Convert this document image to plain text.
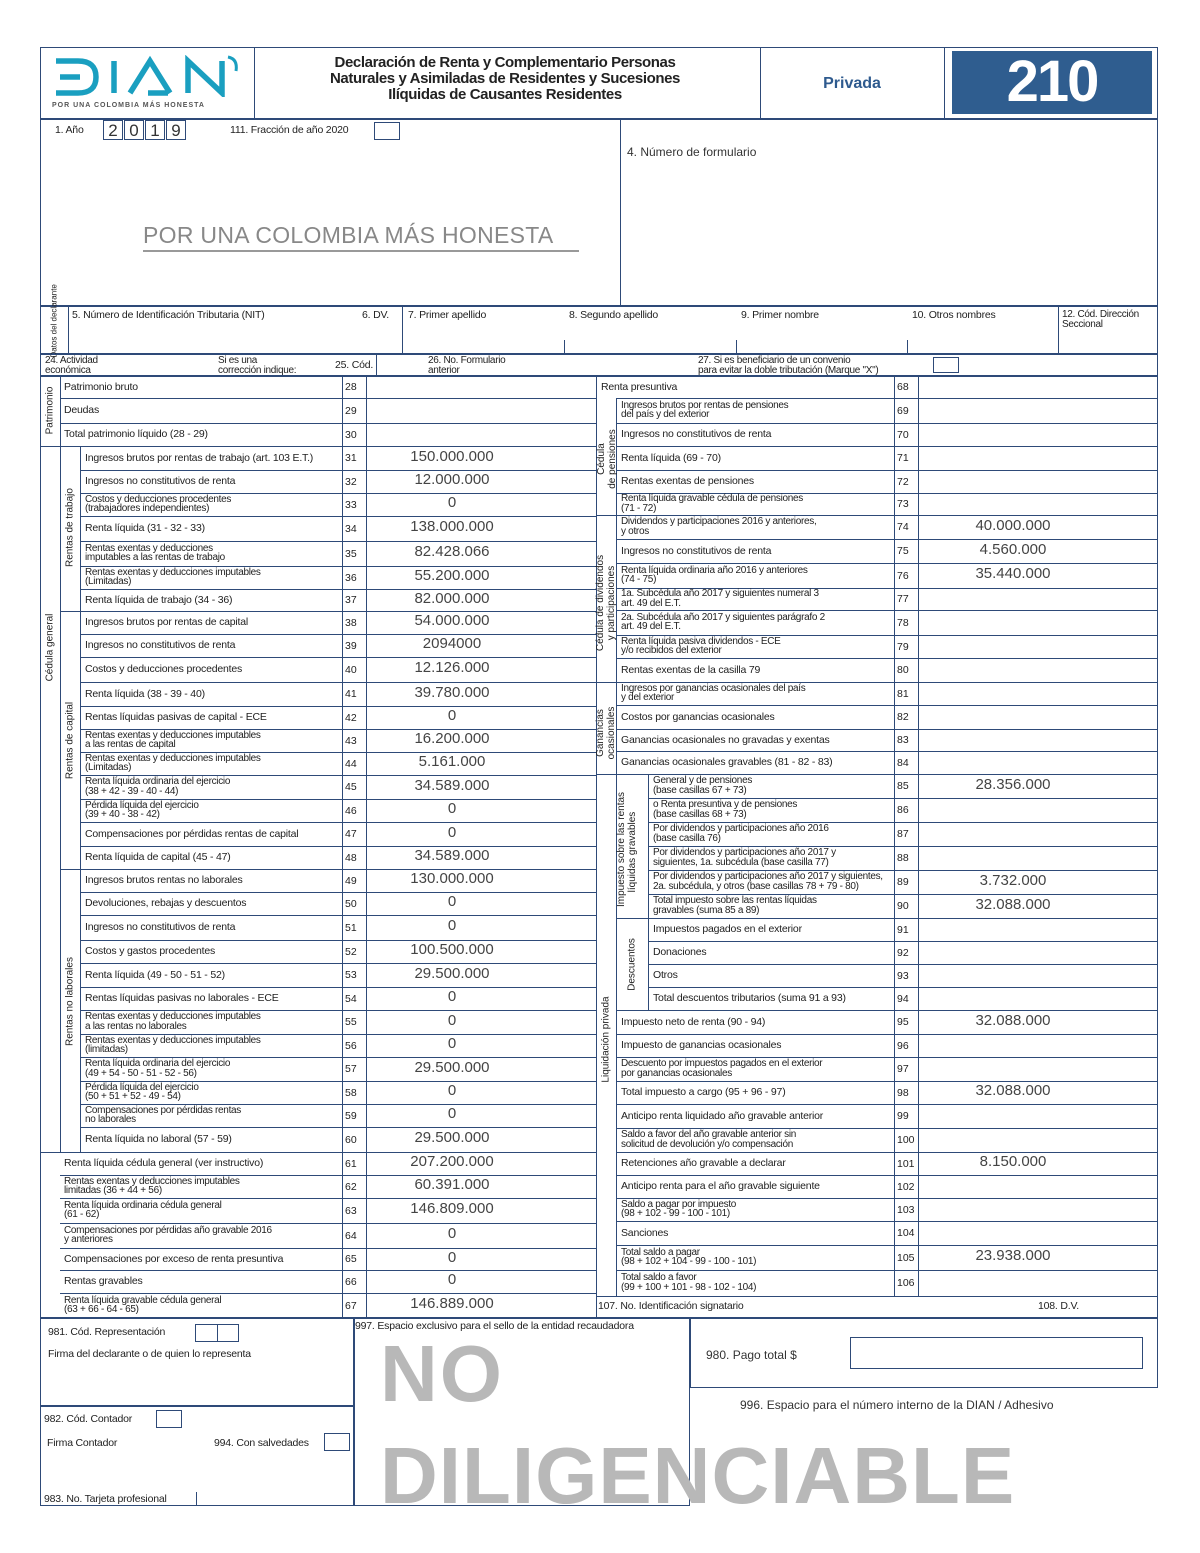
POR UNA COLOMBIA MÁS HONESTA
Declaración de Renta y Complementario Personas
Naturales y Asimiladas de Residentes y Sucesiones
Ilíquidas de Causantes Residentes
Privada	210
1. Año	2 0 1 9	111. Fracción de año 2020
4. Número de formulario
POR UNA COLOMBIA MÁS HONESTA
Datos del declarante 5. Número de Identificación Tributaria (NIT)	6. DV. 7. Primer apellido	8. Segundo apellido	9. Primer nombre	10. Otros nombres	12. Cód. Dirección
Seccional
24. Actividad
económica
Si es una
corrección indique:	25. Cód.	26. No. Formulario
anterior
27. Si es beneficiario de un convenio
para evitar la doble tributación (Marque "X")
Patrimonio bruto	28
Deudas	29
Total patrimonio líquido (28 - 29)	30
Ingresos brutos por rentas de trabajo (art. 103 E.T.)	31	150.000.000
Ingresos no constitutivos de renta	32	12.000.000
Costos y deducciones procedentes
(trabajadores independientes)	33	0
Renta líquida (31 - 32 - 33)	34	138.000.000
Rentas exentas y deducciones
imputables a las rentas de trabajo	35	82.428.066
Rentas exentas y deducciones imputables
(Limitadas)	36	55.200.000
Renta líquida de trabajo (34 - 36)	37	82.000.000
Ingresos brutos por rentas de capital	38	54.000.000
Ingresos no constitutivos de renta	39	2094000
Costos y deducciones procedentes	40	12.126.000
Renta líquida (38 - 39 - 40)	41	39.780.000
Rentas líquidas pasivas de capital - ECE	42	0
Rentas exentas y deducciones imputables
a las rentas de capital	43	16.200.000
Rentas exentas y deducciones imputables
(Limitadas)	44	5.161.000
Renta líquida ordinaria del ejercicio
(38 + 42 - 39 - 40 - 44)	45	34.589.000
Pérdida líquida del ejercicio
(39 + 40 - 38 - 42)	46	0
Compensaciones por pérdidas rentas de capital	47	0
Renta líquida de capital (45 - 47)	48	34.589.000
Ingresos brutos rentas no laborales	49	130.000.000
Devoluciones, rebajas y descuentos	50	0
Ingresos no constitutivos de renta	51	0
Costos y gastos procedentes	52	100.500.000
Renta líquida (49 - 50 - 51 - 52)	53	29.500.000
Rentas líquidas pasivas no laborales - ECE	54	0
Rentas exentas y deducciones imputables
a las rentas no laborales	55	0
Rentas exentas y deducciones imputables
(limitadas)	56	0
Renta líquida ordinaria del ejercicio
(49 + 54 - 50 - 51 - 52 - 56)	57	29.500.000
Pérdida líquida del ejercicio
(50 + 51 + 52 - 49 - 54)	58	0
Compensaciones por pérdidas rentas
no laborales	59	0
Renta líquida no laboral (57 - 59)	60	29.500.000
Renta líquida cédula general (ver instructivo)	61	207.200.000
Rentas exentas y deducciones imputables
limitadas (36 + 44 + 56)	62	60.391.000
Renta líquida ordinaria cédula general
(61 - 62)	63	146.809.000
Compensaciones por pérdidas año gravable 2016
y anteriores	64	0
Compensaciones por exceso de renta presuntiva	65	0
Rentas gravables	66	0
Renta líquida gravable cédula general
(63 + 66 - 64 - 65)	67	146.889.000
Renta presuntiva	68
Ingresos brutos por rentas de pensiones
del país y del exterior	69
Ingresos no constitutivos de renta	70
Renta líquida (69 - 70)	71
Rentas exentas de pensiones	72
Renta líquida gravable cédula de pensiones
(71 - 72)	73
Dividendos y participaciones 2016 y anteriores,
y otros	74	40.000.000
Ingresos no constitutivos de renta	75	4.560.000
Renta líquida ordinaria año 2016 y anteriores
(74 - 75)	76	35.440.000
1a. Subcédula año 2017 y siguientes numeral 3
art. 49 del E.T.	77
2a. Subcédula año 2017 y siguientes parágrafo 2
art. 49 del E.T.	78
Renta líquida pasiva dividendos - ECE
y/o recibidos del exterior	79
Rentas exentas de la casilla 79	80
Ingresos por ganancias ocasionales del país
y del exterior	81
Costos por ganancias ocasionales	82
Ganancias ocasionales no gravadas y exentas	83
Ganancias ocasionales gravables (81 - 82 - 83)	84
General y de pensiones
(base casillas 67 + 73)	85	28.356.000
o Renta presuntiva y de pensiones
(base casillas 68 + 73)	86
Por dividendos y participaciones año 2016
(base casilla 76)	87
Por dividendos y participaciones año 2017 y
siguientes, 1a. subcédula (base casilla 77)	88
Por dividendos y participaciones año 2017 y siguientes,
2a. subcédula, y otros (base casillas 78 + 79 - 80)	89	3.732.000
Total impuesto sobre las rentas líquidas
gravables (suma 85 a 89)	90	32.088.000
Impuestos pagados en el exterior	91
Donaciones	92
Otros	93
Total descuentos tributarios (suma 91 a 93)	94
Impuesto neto de renta (90 - 94)	95	32.088.000
Impuesto de ganancias ocasionales	96
Descuento por impuestos pagados en el exterior
por ganancias ocasionales	97
Total impuesto a cargo (95 + 96 - 97)	98	32.088.000
Anticipo renta liquidado año gravable anterior	99
Saldo a favor del año gravable anterior sin
solicitud de devolución y/o compensación	100
Retenciones año gravable a declarar	101	8.150.000
Anticipo renta para el año gravable siguiente	102
Saldo a pagar por impuesto
(98 + 102 - 99 - 100 - 101)	103
Sanciones	104
Total saldo a pagar
(98 + 102 + 104 - 99 - 100 - 101)	105	23.938.000
Total saldo a favor
(99 + 100 + 101 - 98 - 102 - 104)	106
Patrimonio
Cédula general
Rentas de trabajo
Rentas de capital
Rentas no laborales
Cédula de pensiones
Cédula de dividendos y participaciones
Ganancias ocasionales
Impuesto sobre las rentas líquidas gravables
Descuentos
Liquidación privada
107. No. Identificación signatario	108. D.V.
981. Cód. Representación
Firma del declarante o de quien lo representa
982. Cód. Contador
Firma Contador	994. Con salvedades
983. No. Tarjeta profesional
997. Espacio exclusivo para el sello de la entidad recaudadora
980. Pago total $
996. Espacio para el número interno de la DIAN / Adhesivo
NO
DILIGENCIABLE
